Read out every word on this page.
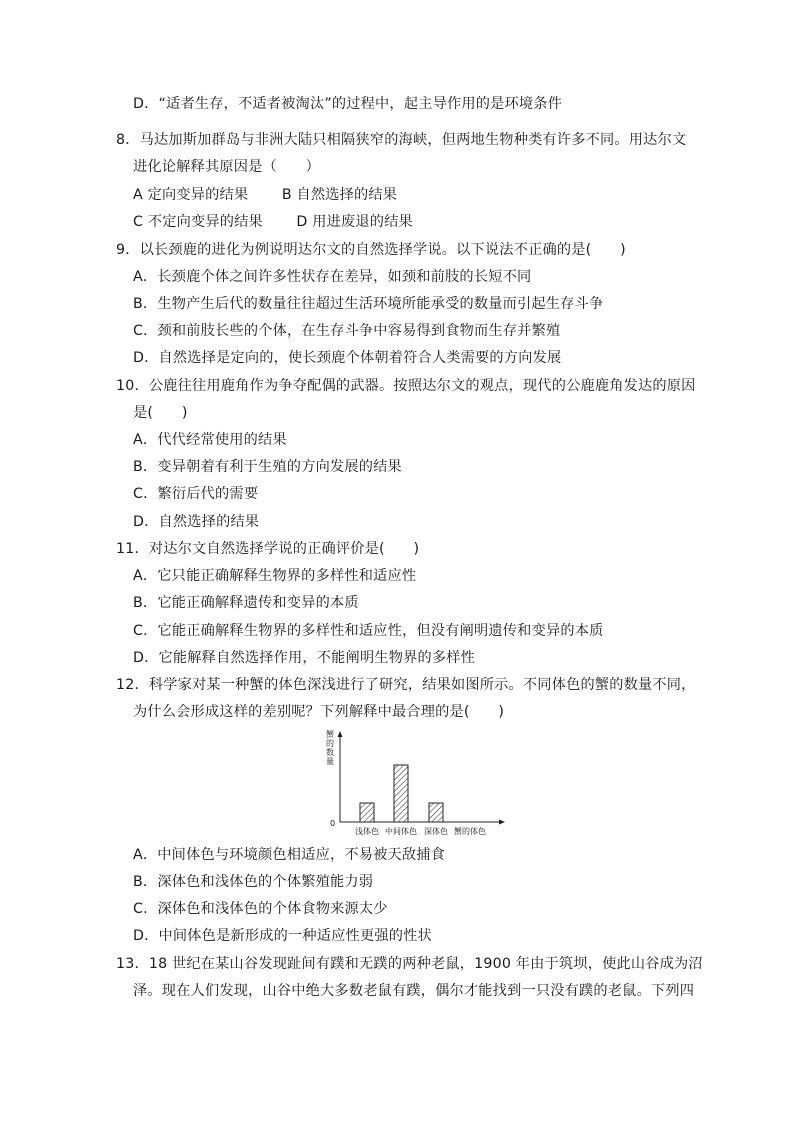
D．“适者生存，不适者被淘汰”的过程中，起主导作用的是环境条件
8．马达加斯加群岛与非洲大陆只相隔狭窄的海峡，但两地生物种类有许多不同。用达尔文
进化论解释其原因是（　　）
A 定向变异的结果　　 B 自然选择的结果
C 不定向变异的结果　　 D 用进废退的结果
9．以长颈鹿的进化为例说明达尔文的自然选择学说。以下说法不正确的是(　　)
A．长颈鹿个体之间许多性状存在差异，如颈和前肢的长短不同
B．生物产生后代的数量往往超过生活环境所能承受的数量而引起生存斗争
C．颈和前肢长些的个体，在生存斗争中容易得到食物而生存并繁殖
D．自然选择是定向的，使长颈鹿个体朝着符合人类需要的方向发展
10．公鹿往往用鹿角作为争夺配偶的武器。按照达尔文的观点，现代的公鹿鹿角发达的原因
是(　　)
A．代代经常使用的结果
B．变异朝着有利于生殖的方向发展的结果
C．繁衍后代的需要
D．自然选择的结果
11．对达尔文自然选择学说的正确评价是(　　)
A．它只能正确解释生物界的多样性和适应性
B．它能正确解释遗传和变异的本质
C．它能正确解释生物界的多样性和适应性，但没有阐明遗传和变异的本质
D．它能解释自然选择作用，不能阐明生物界的多样性
12．科学家对某一种蟹的体色深浅进行了研究，结果如图所示。不同体色的蟹的数量不同，
为什么会形成这样的差别呢？下列解释中最合理的是(　　)
蟹
的
数
量
0
浅体色 中间体色 深体色 蟹的体色
A．中间体色与环境颜色相适应，不易被天敌捕食
B．深体色和浅体色的个体繁殖能力弱
C．深体色和浅体色的个体食物来源太少
D．中间体色是新形成的一种适应性更强的性状
13．18 世纪在某山谷发现趾间有蹼和无蹼的两种老鼠，1900 年由于筑坝，使此山谷成为沼
泽。现在人们发现，山谷中绝大多数老鼠有蹼，偶尔才能找到一只没有蹼的老鼠。下列四
